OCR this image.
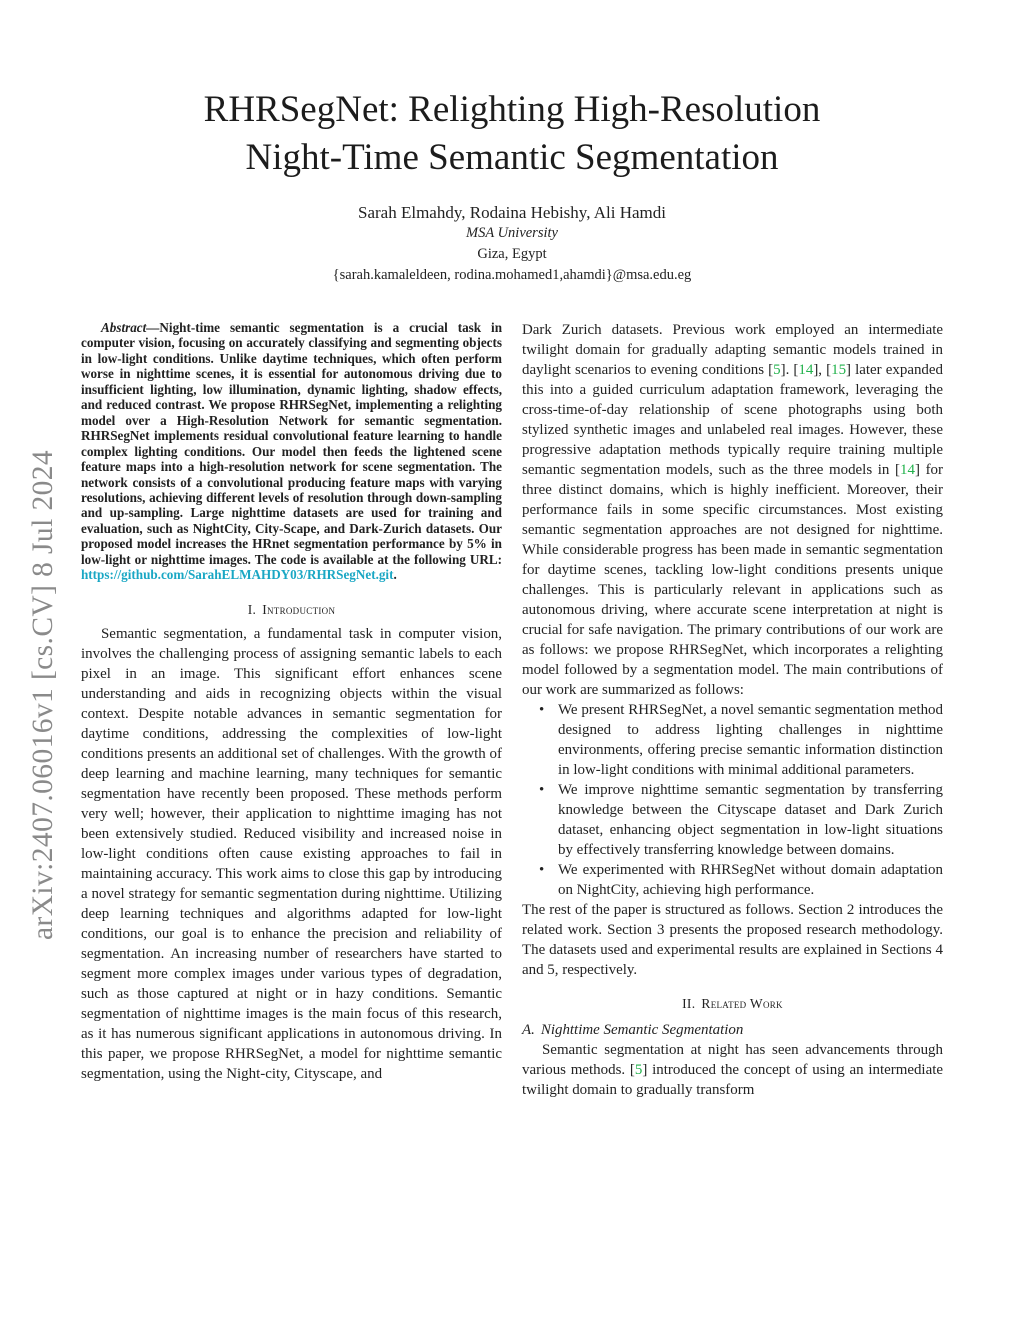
arXiv:2407.06016v1 [cs.CV] 8 Jul 2024
RHRSegNet: Relighting High-Resolution
Night-Time Semantic Segmentation
Sarah Elmahdy, Rodaina Hebishy, Ali Hamdi
MSA University
Giza, Egypt
{sarah.kamaleldeen, rodina.mohamed1,ahamdi}@msa.edu.eg

Abstract—Night-time semantic segmentation is a crucial task in computer vision, focusing on accurately classifying and segmenting objects in low-light conditions. Unlike daytime techniques, which often perform worse in nighttime scenes, it is essential for autonomous driving due to insufficient lighting, low illumination, dynamic lighting, shadow effects, and reduced contrast. We propose RHRSegNet, implementing a relighting model over a High-Resolution Network for semantic segmentation. RHRSegNet implements residual convolutional feature learning to handle complex lighting conditions. Our model then feeds the lightened scene feature maps into a high-resolution network for scene segmentation. The network consists of a convolutional producing feature maps with varying resolutions, achieving different levels of resolution through down-sampling and up-sampling. Large nighttime datasets are used for training and evaluation, such as NightCity, City-Scape, and Dark-Zurich datasets. Our proposed model increases the HRnet segmentation performance by 5% in low-light or nighttime images. The code is available at the following URL: https://github.com/SarahELMAHDY03/RHRSegNet.git.

I. Introduction

Semantic segmentation, a fundamental task in computer vision, involves the challenging process of assigning semantic labels to each pixel in an image. This significant effort enhances scene understanding and aids in recognizing objects within the visual context. Despite notable advances in semantic segmentation for daytime conditions, addressing the complexities of low-light conditions presents an additional set of challenges. With the growth of deep learning and machine learning, many techniques for semantic segmentation have recently been proposed. These methods perform very well; however, their application to nighttime imaging has not been extensively studied. Reduced visibility and increased noise in low-light conditions often cause existing approaches to fail in maintaining accuracy. This work aims to close this gap by introducing a novel strategy for semantic segmentation during nighttime. Utilizing deep learning techniques and algorithms adapted for low-light conditions, our goal is to enhance the precision and reliability of segmentation. An increasing number of researchers have started to segment more complex images under various types of degradation, such as those captured at night or in hazy conditions. Semantic segmentation of nighttime images is the main focus of this research, as it has numerous significant applications in autonomous driving. In this paper, we propose RHRSegNet, a model for nighttime semantic segmentation, using the Night-city, Cityscape, and

Dark Zurich datasets. Previous work employed an intermediate twilight domain for gradually adapting semantic models trained in daylight scenarios to evening conditions [5]. [14], [15] later expanded this into a guided curriculum adaptation framework, leveraging the cross-time-of-day relationship of scene photographs using both stylized synthetic images and unlabeled real images. However, these progressive adaptation methods typically require training multiple semantic segmentation models, such as the three models in [14] for three distinct domains, which is highly inefficient. Moreover, their performance fails in some specific circumstances. Most existing semantic segmentation approaches are not designed for nighttime. While considerable progress has been made in semantic segmentation for daytime scenes, tackling low-light conditions presents unique challenges. This is particularly relevant in applications such as autonomous driving, where accurate scene interpretation at night is crucial for safe navigation. The primary contributions of our work are as follows: we propose RHRSegNet, which incorporates a relighting model followed by a segmentation model. The main contributions of our work are summarized as follows:

• We present RHRSegNet, a novel semantic segmentation method designed to address lighting challenges in nighttime environments, offering precise semantic information distinction in low-light conditions with minimal additional parameters.
• We improve nighttime semantic segmentation by transferring knowledge between the Cityscape dataset and Dark Zurich dataset, enhancing object segmentation in low-light situations by effectively transferring knowledge between domains.
• We experimented with RHRSegNet without domain adaptation on NightCity, achieving high performance.

The rest of the paper is structured as follows. Section 2 introduces the related work. Section 3 presents the proposed research methodology. The datasets used and experimental results are explained in Sections 4 and 5, respectively.

II. Related Work

A. Nighttime Semantic Segmentation

Semantic segmentation at night has seen advancements through various methods. [5] introduced the concept of using an intermediate twilight domain to gradually transform
